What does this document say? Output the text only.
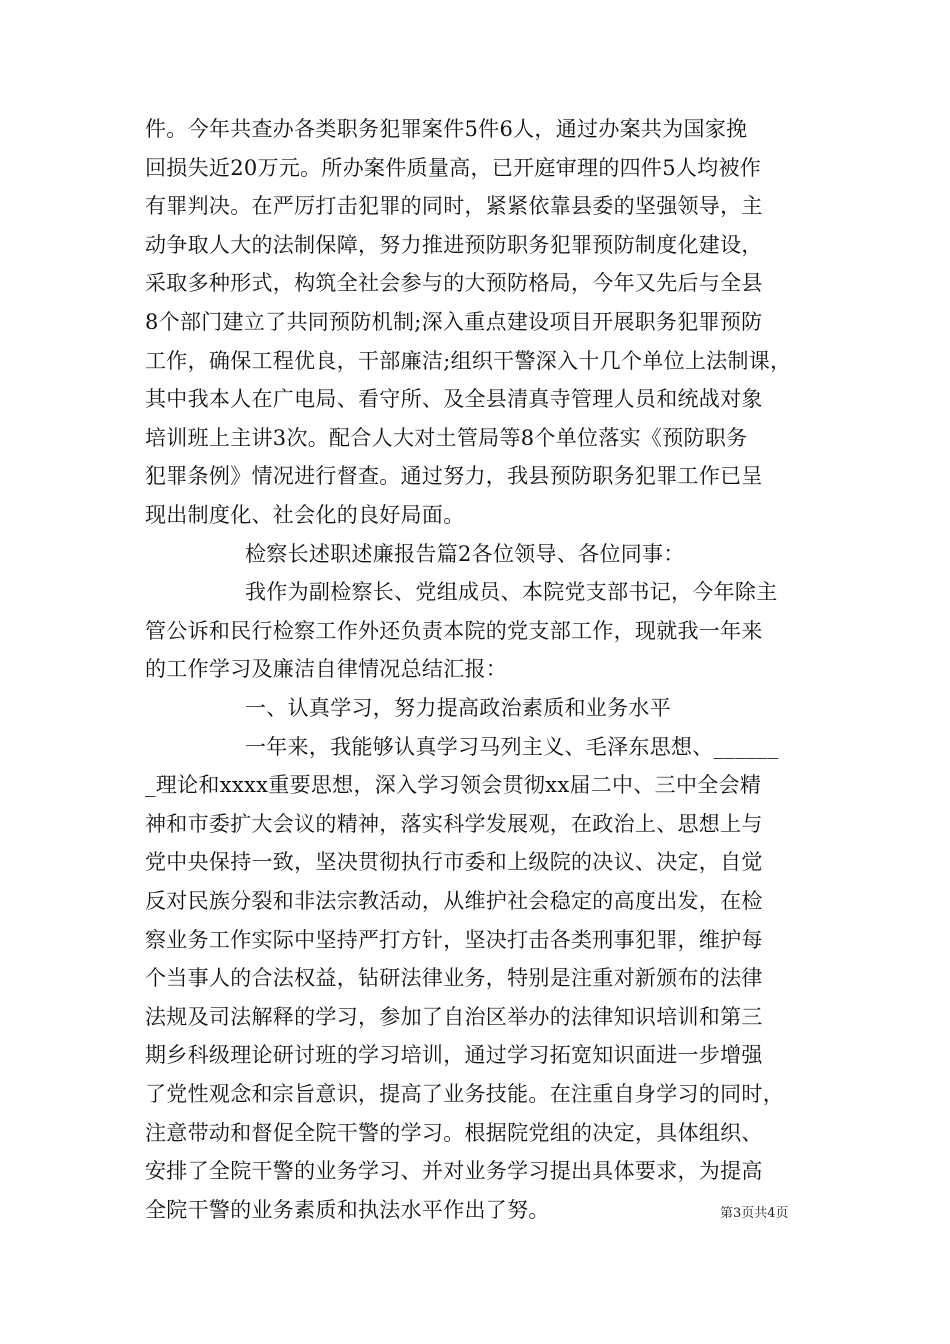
件。今年共查办各类职务犯罪案件5件6人，通过办案共为国家挽
回损失近20万元。所办案件质量高，已开庭审理的四件5人均被作
有罪判决。在严厉打击犯罪的同时，紧紧依靠县委的坚强领导，主
动争取人大的法制保障，努力推进预防职务犯罪预防制度化建设，
采取多种形式，构筑全社会参与的大预防格局，今年又先后与全县
8个部门建立了共同预防机制;深入重点建设项目开展职务犯罪预防
工作，确保工程优良，干部廉洁;组织干警深入十几个单位上法制课，
其中我本人在广电局、看守所、及全县清真寺管理人员和统战对象
培训班上主讲3次。配合人大对土管局等8个单位落实《预防职务
犯罪条例》情况进行督查。通过努力，我县预防职务犯罪工作已呈
现出制度化、社会化的良好局面。
检察长述职述廉报告篇2各位领导、各位同事：
我作为副检察长、党组成员、本院党支部书记，今年除主
管公诉和民行检察工作外还负责本院的党支部工作，现就我一年来
的工作学习及廉洁自律情况总结汇报：
一、认真学习，努力提高政治素质和业务水平
一年来，我能够认真学习马列主义、毛泽东思想、______
_理论和xxxx重要思想，深入学习领会贯彻xx届二中、三中全会精
神和市委扩大会议的精神，落实科学发展观，在政治上、思想上与
党中央保持一致，坚决贯彻执行市委和上级院的决议、决定，自觉
反对民族分裂和非法宗教活动，从维护社会稳定的高度出发，在检
察业务工作实际中坚持严打方针，坚决打击各类刑事犯罪，维护每
个当事人的合法权益，钻研法律业务，特别是注重对新颁布的法律
法规及司法解释的学习，参加了自治区举办的法律知识培训和第三
期乡科级理论研讨班的学习培训，通过学习拓宽知识面进一步增强
了党性观念和宗旨意识，提高了业务技能。在注重自身学习的同时，
注意带动和督促全院干警的学习。根据院党组的决定，具体组织、
安排了全院干警的业务学习、并对业务学习提出具体要求，为提高
全院干警的业务素质和执法水平作出了努。	第3页共4页
